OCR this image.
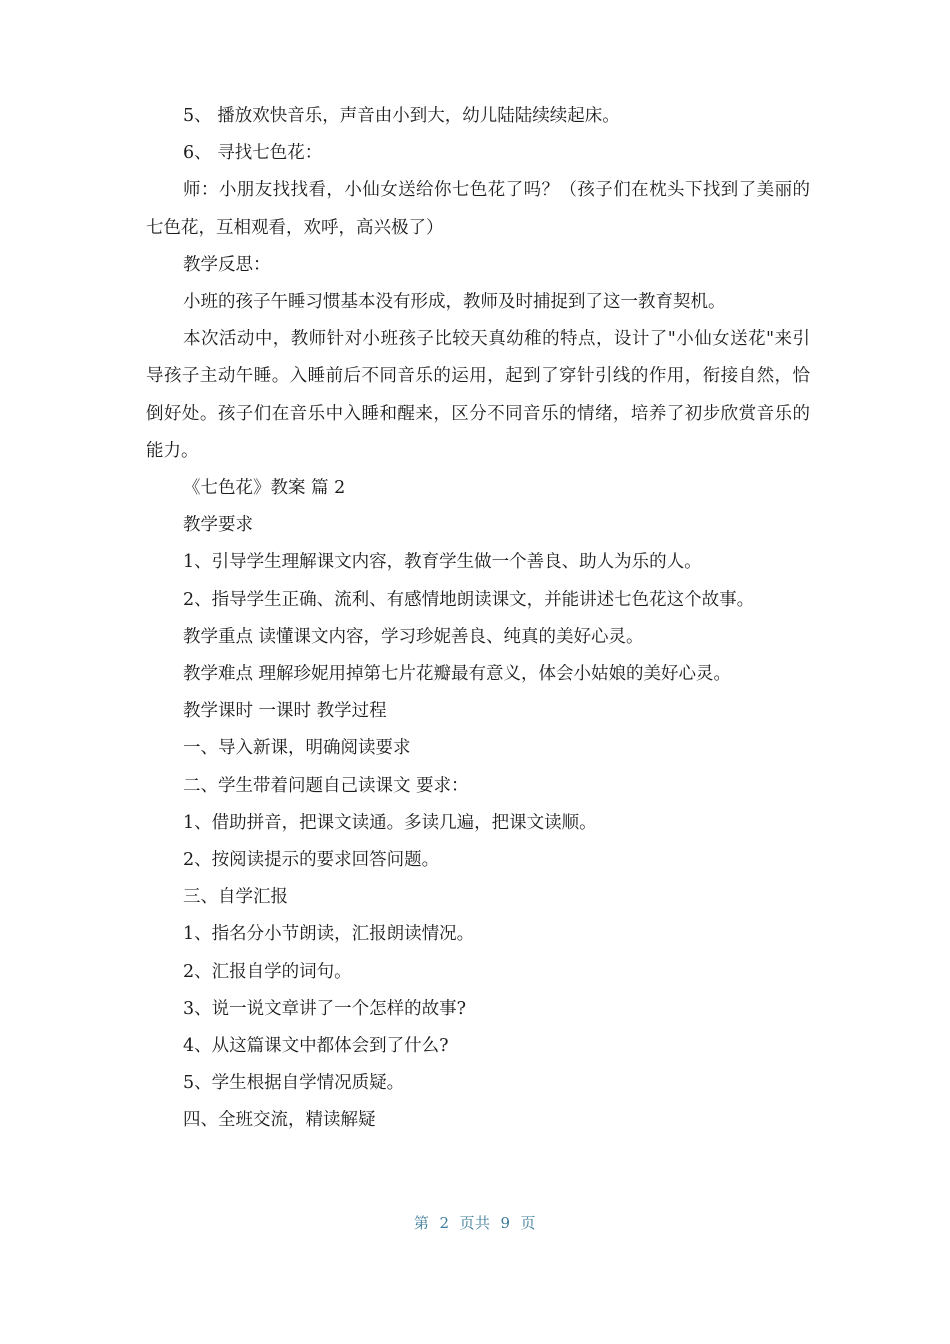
5、 播放欢快音乐，声音由小到大，幼儿陆陆续续起床。

6、 寻找七色花：

师：小朋友找找看，小仙女送给你七色花了吗？（孩子们在枕头下找到了美丽的七色花，互相观看，欢呼，高兴极了）

教学反思：

小班的孩子午睡习惯基本没有形成，教师及时捕捉到了这一教育契机。

本次活动中，教师针对小班孩子比较天真幼稚的特点，设计了"小仙女送花"来引导孩子主动午睡。入睡前后不同音乐的运用，起到了穿针引线的作用，衔接自然，恰倒好处。孩子们在音乐中入睡和醒来，区分不同音乐的情绪，培养了初步欣赏音乐的能力。

《七色花》教案 篇 2

教学要求

1、引导学生理解课文内容，教育学生做一个善良、助人为乐的人。

2、指导学生正确、流利、有感情地朗读课文，并能讲述七色花这个故事。

教学重点 读懂课文内容，学习珍妮善良、纯真的美好心灵。

教学难点 理解珍妮用掉第七片花瓣最有意义，体会小姑娘的美好心灵。

教学课时 一课时 教学过程

一、导入新课，明确阅读要求

二、学生带着问题自己读课文 要求：

1、借助拼音，把课文读通。多读几遍，把课文读顺。

2、按阅读提示的要求回答问题。

三、自学汇报

1、指名分小节朗读，汇报朗读情况。

2、汇报自学的词句。

3、说一说文章讲了一个怎样的故事?

4、从这篇课文中都体会到了什么?

5、学生根据自学情况质疑。

四、全班交流，精读解疑

第 2 页共 9 页
